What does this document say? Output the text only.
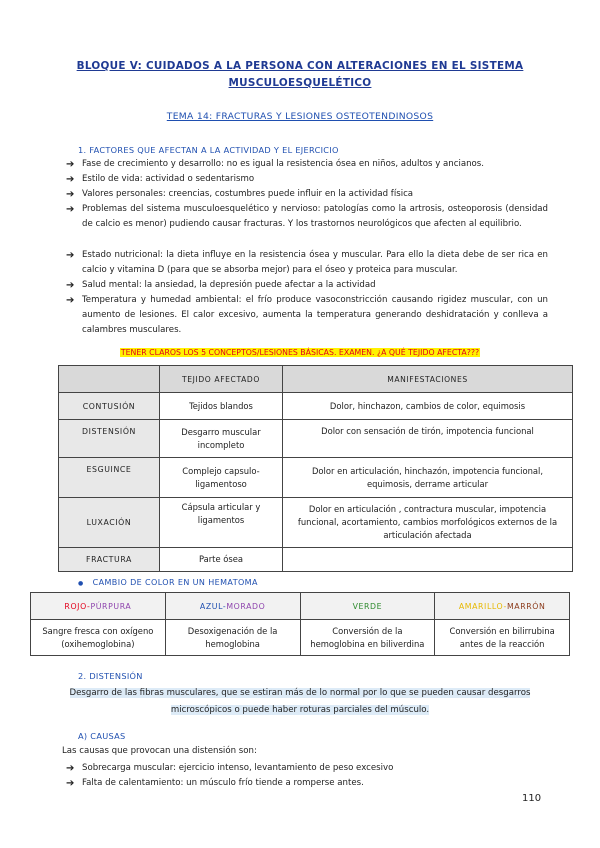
BLOQUE V: CUIDADOS A LA PERSONA CON ALTERACIONES EN EL SISTEMA
MUSCULOESQUELÉTICO
TEMA 14: FRACTURAS Y LESIONES OSTEOTENDINOSOS
1. FACTORES QUE AFECTAN A LA ACTIVIDAD Y EL EJERCICIO
➔ Fase de crecimiento y desarrollo: no es igual la resistencia ósea en niños, adultos y ancianos.
➔ Estilo de vida: actividad o sedentarismo
➔ Valores personales: creencias, costumbres puede influir en la actividad física
➔ Problemas del sistema musculoesquelético y nervioso: patologías como la artrosis, osteoporosis (densidad de calcio es menor) pudiendo causar fracturas. Y los trastornos neurológicos que afecten al equilibrio.
➔ Estado nutricional: la dieta influye en la resistencia ósea y muscular. Para ello la dieta debe de ser rica en calcio y vitamina D (para que se absorba mejor) para el óseo y proteica para muscular.
➔ Salud mental: la ansiedad, la depresión puede afectar a la actividad
➔ Temperatura y humedad ambiental: el frío produce vasoconstricción causando rigidez muscular, con un aumento de lesiones. El calor excesivo, aumenta la temperatura generando deshidratación y conlleva a calambres musculares.
TENER CLAROS LOS 5 CONCEPTOS/LESIONES BÁSICAS. EXAMEN. ¿A QUÉ TEJIDO AFECTA???
	TEJIDO AFECTADO	MANIFESTACIONES
CONTUSIÓN	Tejidos blandos	Dolor, hinchazon, cambios de color, equimosis
DISTENSIÓN	Desgarro muscular incompleto	Dolor con sensación de tirón, impotencia funcional
ESGUINCE	Complejo capsulo-ligamentoso	Dolor en articulación, hinchazón, impotencia funcional, equimosis, derrame articular
LUXACIÓN	Cápsula articular y ligamentos	Dolor en articulación , contractura muscular, impotencia funcional, acortamiento, cambios morfológicos externos de la articulación afectada
FRACTURA	Parte ósea	
● CAMBIO DE COLOR EN UN HEMATOMA
ROJO-PÚRPURA	AZUL-MORADO	VERDE	AMARILLO-MARRÓN
Sangre fresca con oxígeno (oxihemoglobina)	Desoxigenación de la hemoglobina	Conversión de la hemoglobina en biliverdina	Conversión en bilirrubina antes de la reacción
2. DISTENSIÓN
Desgarro de las fibras musculares, que se estiran más de lo normal por lo que se pueden causar desgarros microscópicos o puede haber roturas parciales del músculo.
A) CAUSAS
Las causas que provocan una distensión son:
➔ Sobrecarga muscular: ejercicio intenso, levantamiento de peso excesivo
➔ Falta de calentamiento: un músculo frío tiende a romperse antes.
110
